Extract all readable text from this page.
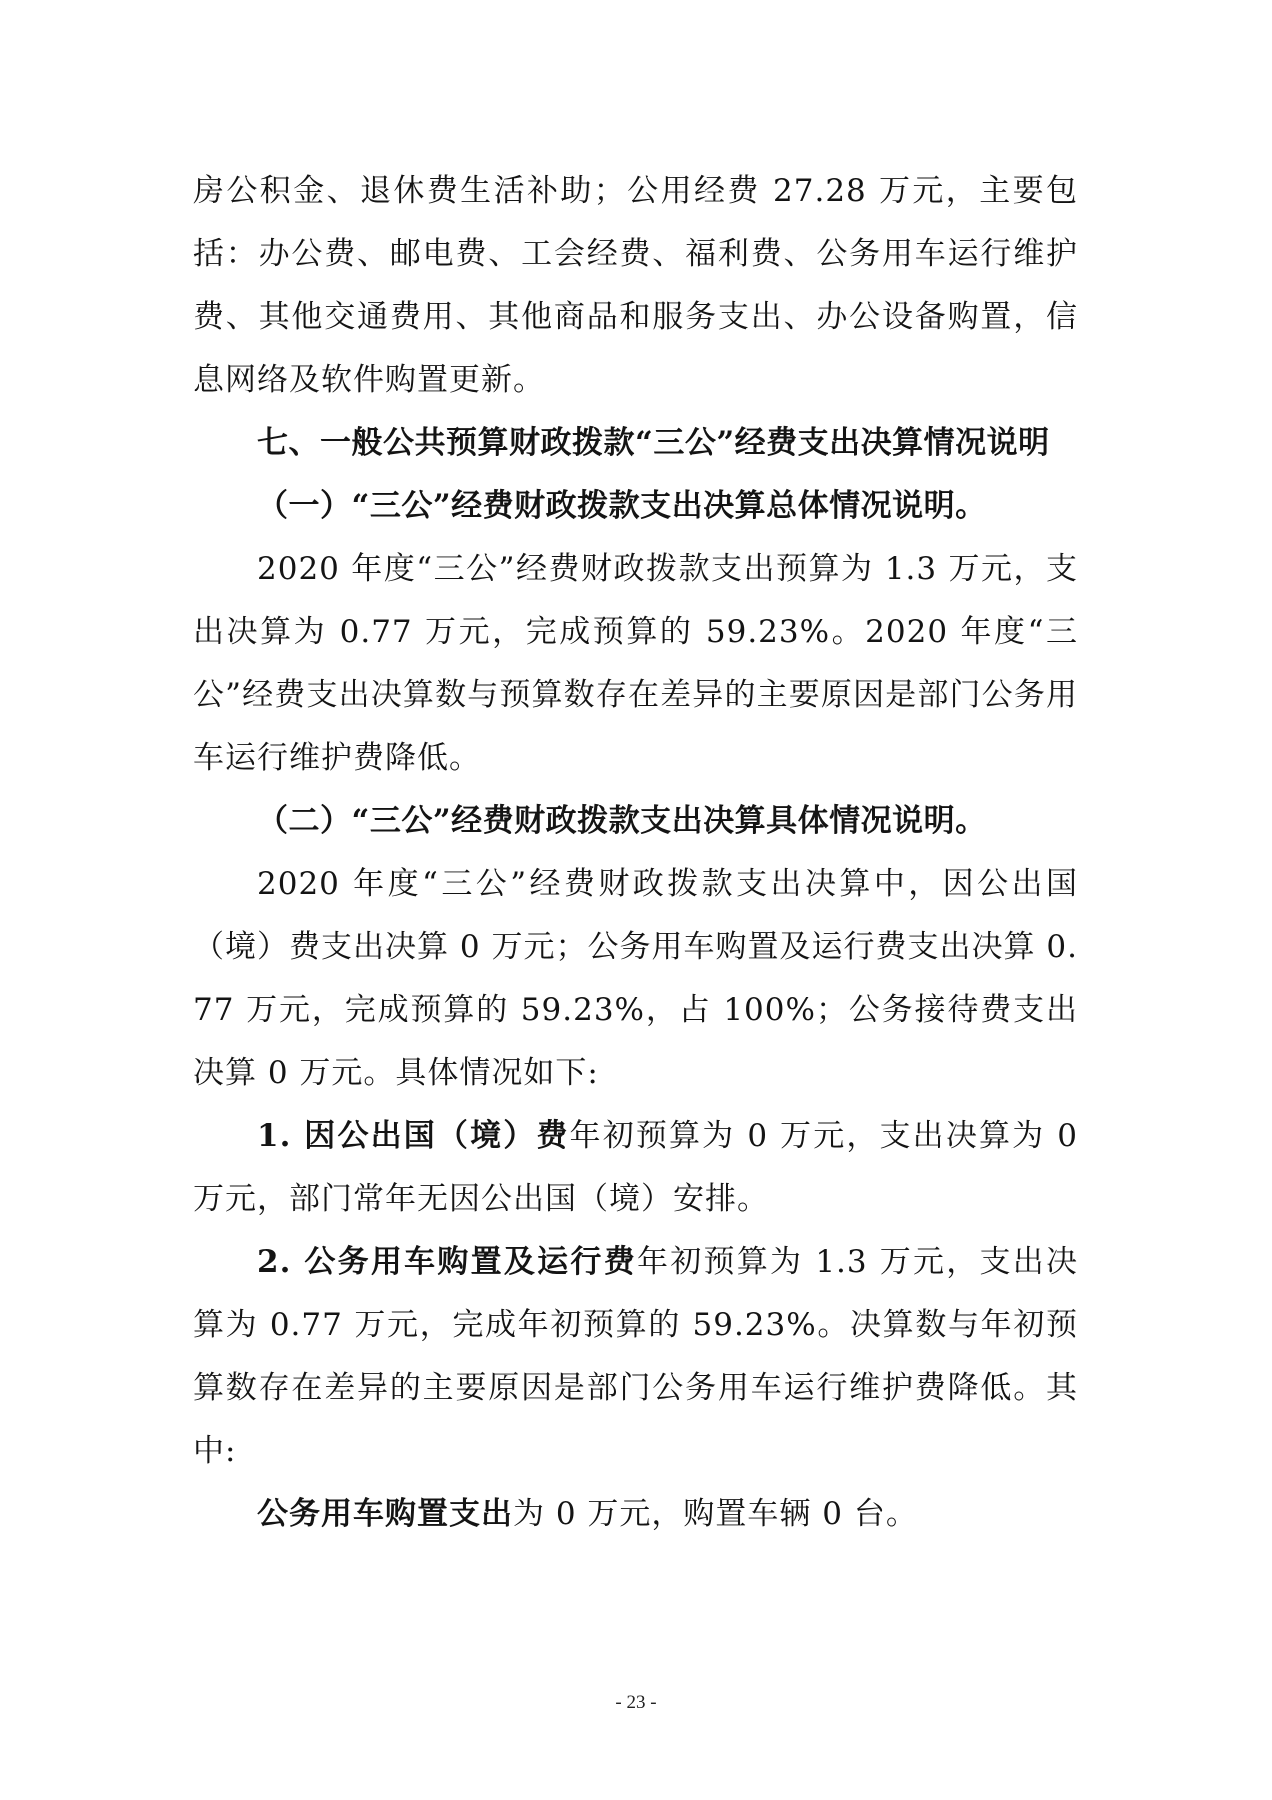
房公积金、退休费生活补助；公用经费 27.28 万元，主要包括：办公费、邮电费、工会经费、福利费、公务用车运行维护费、其他交通费用、其他商品和服务支出、办公设备购置，信息网络及软件购置更新。

七、一般公共预算财政拨款“三公”经费支出决算情况说明

（一）“三公”经费财政拨款支出决算总体情况说明。

2020 年度“三公”经费财政拨款支出预算为 1.3 万元，支出决算为 0.77 万元，完成预算的 59.23%。2020 年度“三公”经费支出决算数与预算数存在差异的主要原因是部门公务用车运行维护费降低。

（二）“三公”经费财政拨款支出决算具体情况说明。

2020 年度“三公”经费财政拨款支出决算中，因公出国（境）费支出决算 0 万元；公务用车购置及运行费支出决算 0.77 万元，完成预算的 59.23%，占 100%；公务接待费支出决算 0 万元。具体情况如下:

1. 因公出国（境）费年初预算为 0 万元，支出决算为 0 万元，部门常年无因公出国（境）安排。

2. 公务用车购置及运行费年初预算为 1.3 万元，支出决算为 0.77 万元，完成年初预算的 59.23%。决算数与年初预算数存在差异的主要原因是部门公务用车运行维护费降低。其中:

公务用车购置支出为 0 万元，购置车辆 0 台。

- 23 -
